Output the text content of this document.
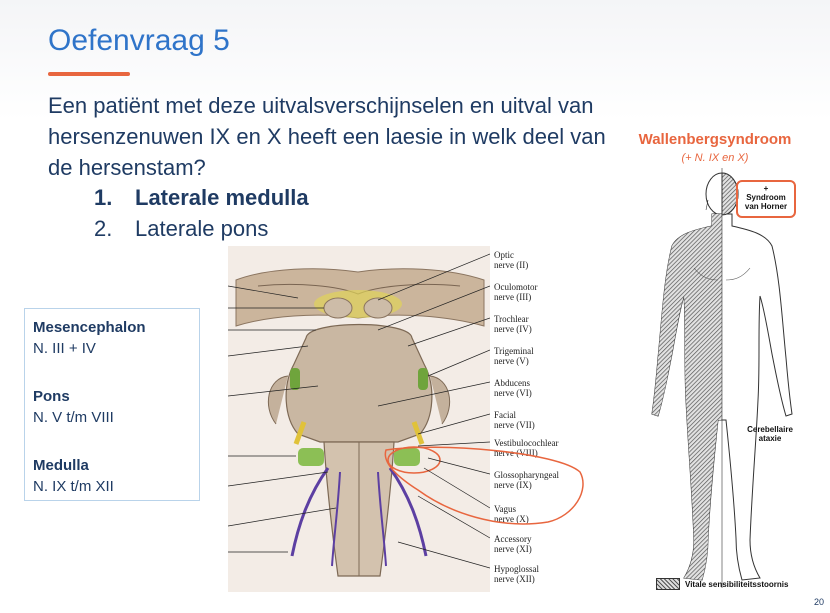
Oefenvraag 5
Een patiënt met deze uitvalsverschijnselen en uitval van hersenzenuwen IX en X heeft een laesie in welk deel van de hersenstam?
1. Laterale medulla
2. Laterale pons
Mesencephalon
N. III + IV
Pons
N. V t/m VIII
Medulla
N. IX t/m XII
Optic
nerve (II)
Oculomotor
nerve (III)
Trochlear
nerve (IV)
Trigeminal
nerve (V)
Abducens
nerve (VI)
Facial
nerve (VII)
Vestibulocochlear
nerve (VIII)
Glossopharyngeal
nerve (IX)
Vagus
nerve (X)
Accessory
nerve (XI)
Hypoglossal
nerve (XII)
Wallenbergsyndroom
(+ N. IX en X)
+
Syndroom
van Horner
Cerebellaire
ataxie
Vitale sensibiliteitsstoornis
20
